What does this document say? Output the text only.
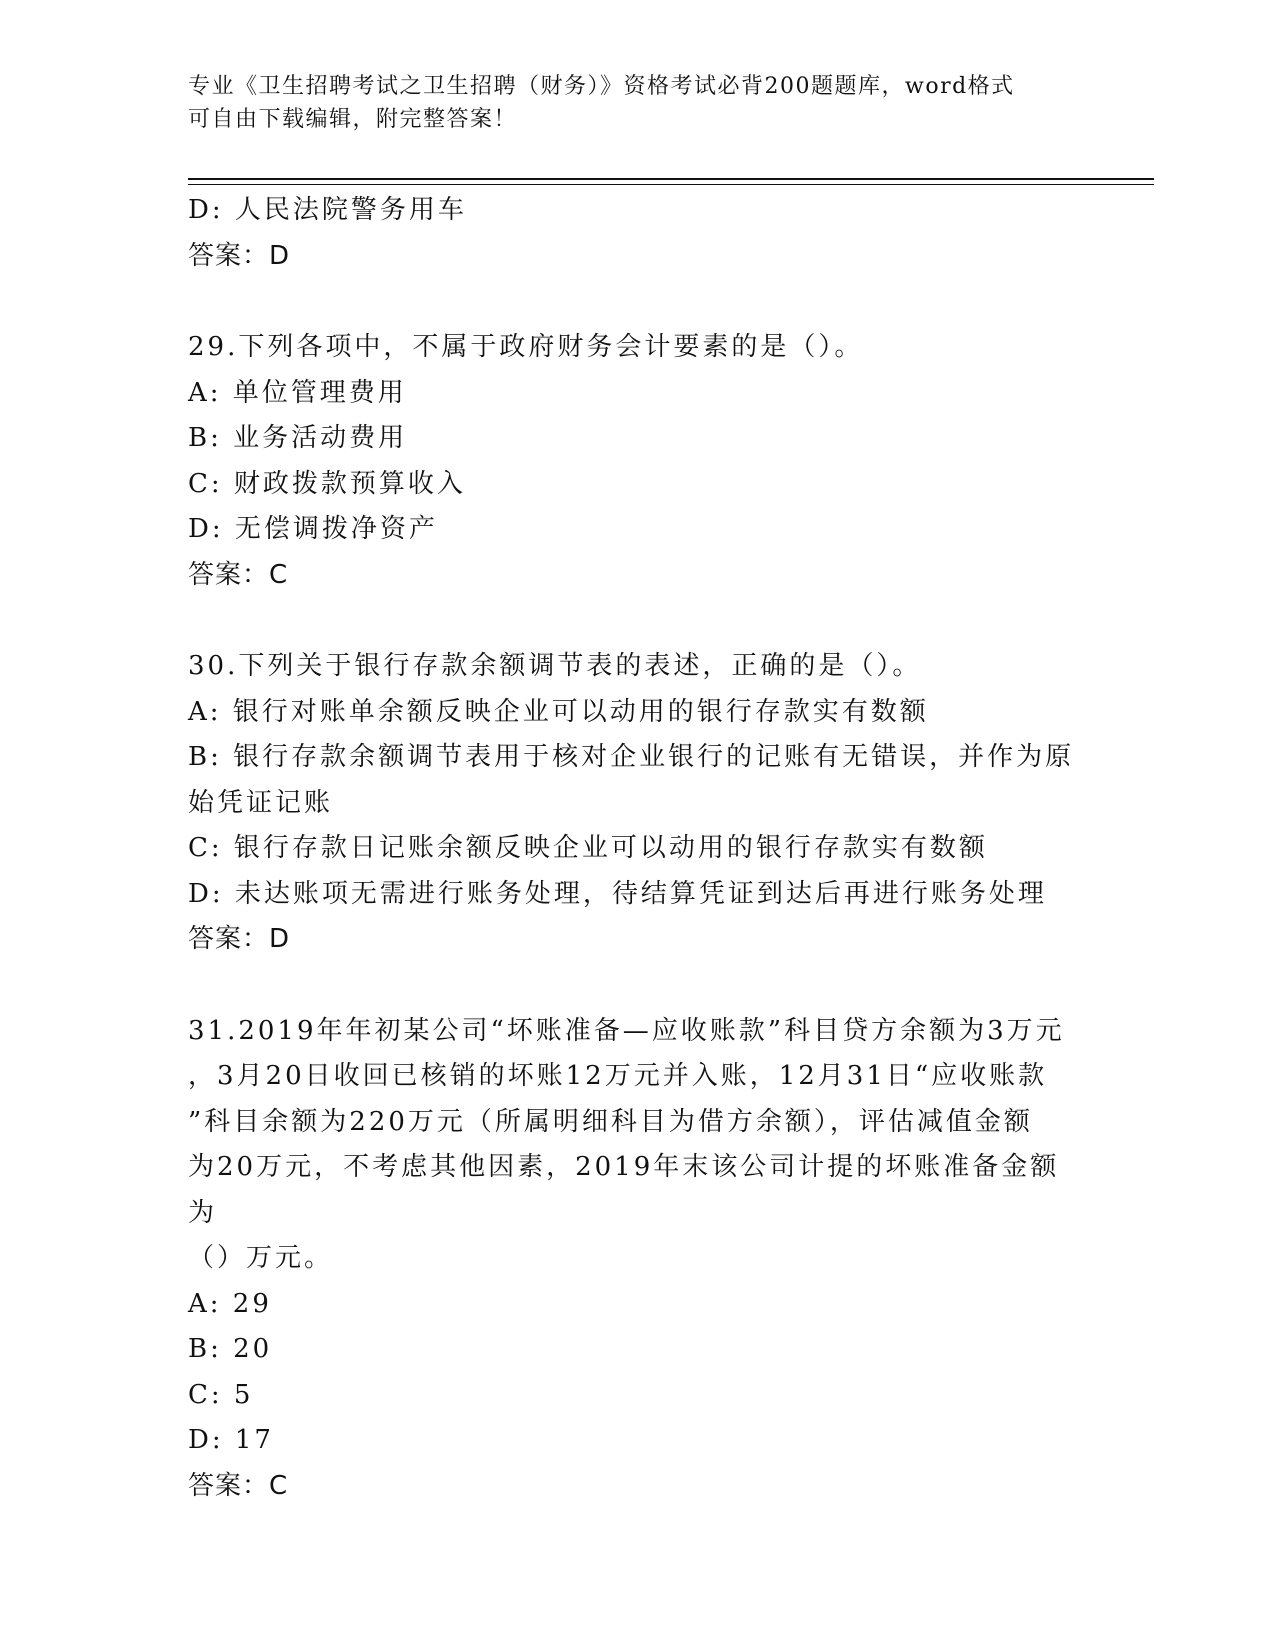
专业《卫生招聘考试之卫生招聘（财务）》资格考试必背200题题库，word格式
可自由下载编辑，附完整答案！
D: 人民法院警务用车
答案：D
29.下列各项中，不属于政府财务会计要素的是（）。
A: 单位管理费用
B: 业务活动费用
C: 财政拨款预算收入
D: 无偿调拨净资产
答案：C
30.下列关于银行存款余额调节表的表述，正确的是（）。
A: 银行对账单余额反映企业可以动用的银行存款实有数额
B: 银行存款余额调节表用于核对企业银行的记账有无错误，并作为原
始凭证记账
C: 银行存款日记账余额反映企业可以动用的银行存款实有数额
D: 未达账项无需进行账务处理，待结算凭证到达后再进行账务处理
答案：D
31.2019年年初某公司“坏账准备—应收账款”科目贷方余额为3万元
，3月20日收回已核销的坏账12万元并入账，12月31日“应收账款
”科目余额为220万元（所属明细科目为借方余额），评估减值金额
为20万元，不考虑其他因素，2019年末该公司计提的坏账准备金额为
（）万元。
A: 29
B: 20
C: 5
D: 17
答案：C
